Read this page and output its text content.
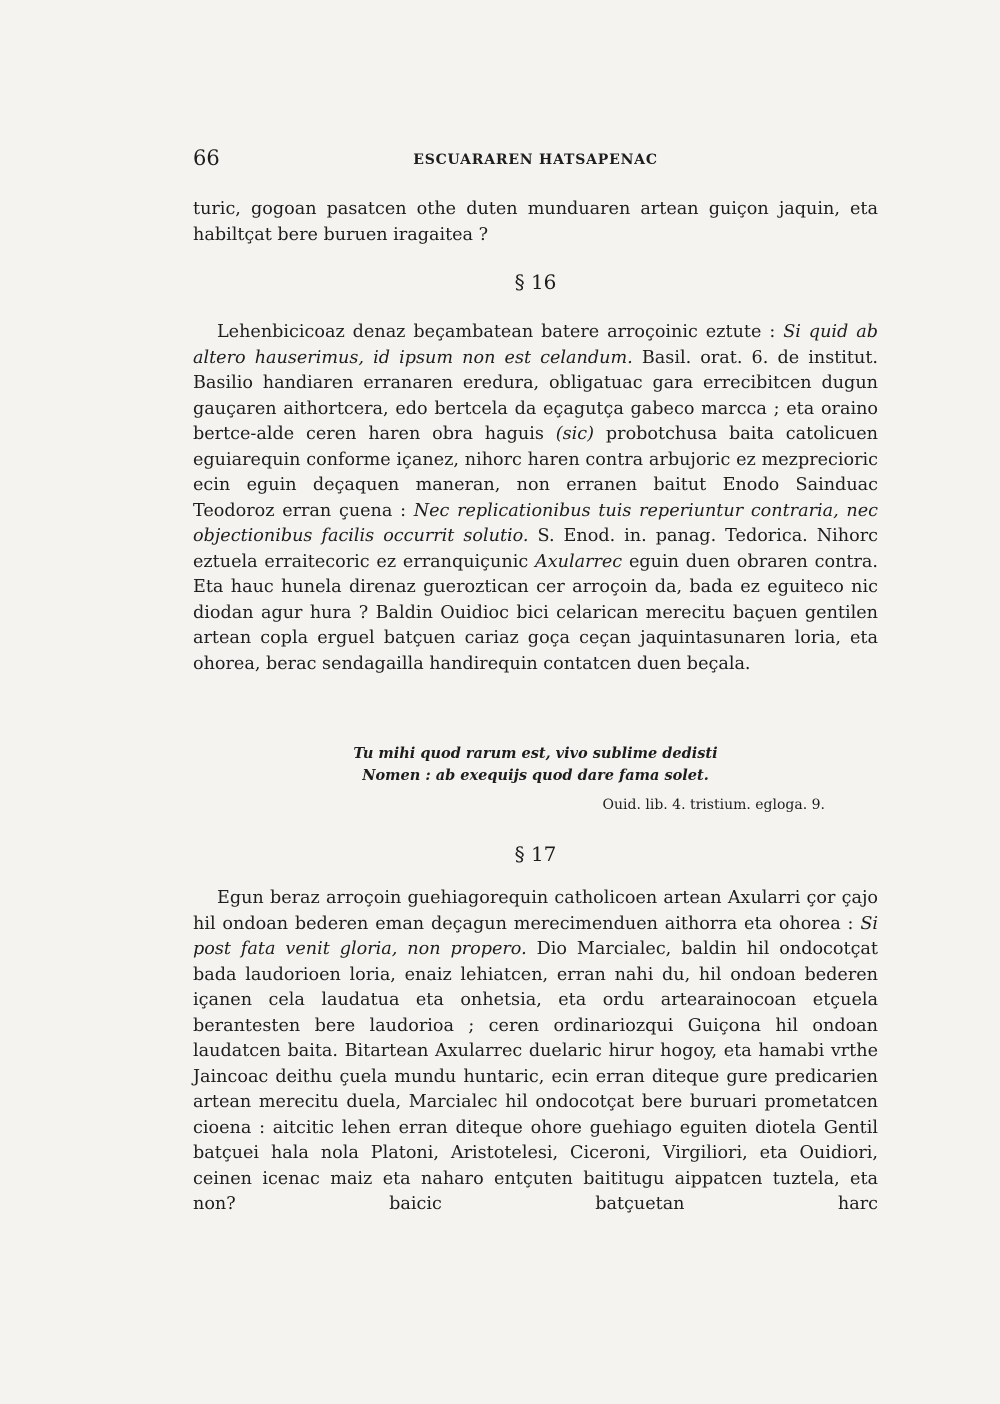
66	ESCUARAREN HATSAPENAC

turic, gogoan pasatcen othe duten munduaren artean guiçon jaquin, eta

habiltçat bere buruen iragaitea ?

§ 16

Lehenbicicoaz denaz beçambatean batere arroçoinic eztute : Si quid ab altero hauserimus, id ipsum non est celandum. Basil. orat. 6. de institut. Basilio handiaren erranaren eredura, obligatuac gara errecibitcen dugun gauçaren aithortcera, edo bertcela da eçagutça gabeco marcca ; eta oraino bertce-alde ceren haren obra haguis (sic) probotchusa baita catolicuen eguiarequin conforme içanez, nihorc haren contra arbujoric ez mezprecioric ecin eguin deçaquen maneran, non erranen baitut Enodo Sainduac Teodoroz erran çuena : Nec replicationibus tuis reperiuntur contraria, nec objectionibus facilis occurrit solutio. S. Enod. in. panag. Tedorica. Nihorc eztuela erraitecoric ez erranquiçunic Axularrec eguin duen obraren contra. Eta hauc hunela direnaz gueroztican cer arroçoin da, bada ez eguiteco nic diodan agur hura ? Baldin Ouidioc bici celarican merecitu baçuen gentilen artean copla erguel batçuen cariaz goça ceçan jaquintasunaren loria, eta ohorea, berac sendagailla handirequin contatcen duen beçala.

Tu mihi quod rarum est, vivo sublime dedisti
Nomen : ab exequijs quod dare fama solet.
Ouid. lib. 4. tristium. egloga. 9.
§ 17

Egun beraz arroçoin guehiagorequin catholicoen artean Axularri çor çajo hil ondoan bederen eman deçagun merecimenduen aithorra eta ohorea : Si post fata venit gloria, non propero. Dio Marcialec, baldin hil ondocotçat bada laudorioen loria, enaiz lehiatcen, erran nahi du, hil ondoan bederen içanen cela laudatua eta onhetsia, eta ordu artearainocoan etçuela berantesten bere laudorioa ; ceren ordinariozqui Guiçona hil ondoan laudatcen baita. Bitartean Axularrec duelaric hirur hogoy, eta hamabi vrthe Jaincoac deithu çuela mundu huntaric, ecin erran diteque gure predicarien artean merecitu duela, Marcialec hil ondocotçat bere buruari prometatcen cioena : aitcitic lehen erran diteque ohore guehiago eguiten diotela Gentil batçuei hala nola Platoni, Aristotelesi, Ciceroni, Virgiliori, eta Ouidiori, ceinen icenac maiz eta naharo entçuten baititugu aippatcen tuztela, eta non? baicic batçuetan harc
